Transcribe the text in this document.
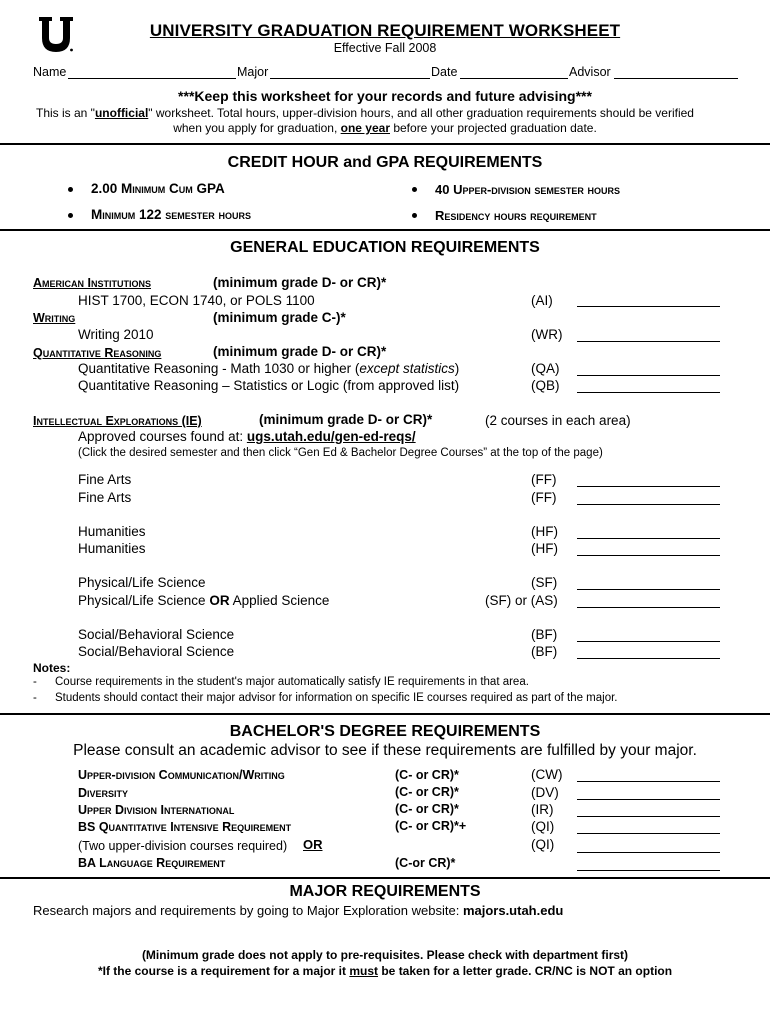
UNIVERSITY GRADUATION REQUIREMENT WORKSHEET
Effective Fall 2008
Name	Major	Date	Advisor
***Keep this worksheet for your records and future advising***
This is an "unofficial" worksheet. Total hours, upper-division hours, and all other graduation requirements should be verified
when you apply for graduation, one year before your projected graduation date.
CREDIT HOUR and GPA REQUIREMENTS
2.00 Minimum Cum GPA	40 Upper-division semester hours
Minimum 122 semester hours	Residency hours requirement
GENERAL EDUCATION REQUIREMENTS
American Institutions	(minimum grade D- or CR)*
HIST 1700, ECON 1740, or POLS 1100	(AI)
Writing	(minimum grade C-)*
Writing 2010	(WR)
Quantitative Reasoning	(minimum grade D- or CR)*
Quantitative Reasoning - Math 1030 or higher (except statistics)	(QA)
Quantitative Reasoning – Statistics or Logic (from approved list)	(QB)
Intellectual Explorations (IE)	(minimum grade D- or CR)*	(2 courses in each area)
Approved courses found at: ugs.utah.edu/gen-ed-reqs/
(Click the desired semester and then click “Gen Ed & Bachelor Degree Courses” at the top of the page)
Fine Arts	(FF)
Fine Arts	(FF)
Humanities	(HF)
Humanities	(HF)
Physical/Life Science	(SF)
Physical/Life Science OR Applied Science	(SF) or (AS)
Social/Behavioral Science	(BF)
Social/Behavioral Science	(BF)
Notes:
- Course requirements in the student's major automatically satisfy IE requirements in that area.
- Students should contact their major advisor for information on specific IE courses required as part of the major.
BACHELOR'S DEGREE REQUIREMENTS
Please consult an academic advisor to see if these requirements are fulfilled by your major.
Upper-division Communication/Writing	(C- or CR)*	(CW)
Diversity	(C- or CR)*	(DV)
Upper Division International	(C- or CR)*	(IR)
BS Quantitative Intensive Requirement	(C- or CR)*+	(QI)
(Two upper-division courses required) OR	(QI)
BA Language Requirement	(C-or CR)*
MAJOR REQUIREMENTS
Research majors and requirements by going to Major Exploration website: majors.utah.edu
(Minimum grade does not apply to pre-requisites. Please check with department first)
*If the course is a requirement for a major it must be taken for a letter grade. CR/NC is NOT an option
